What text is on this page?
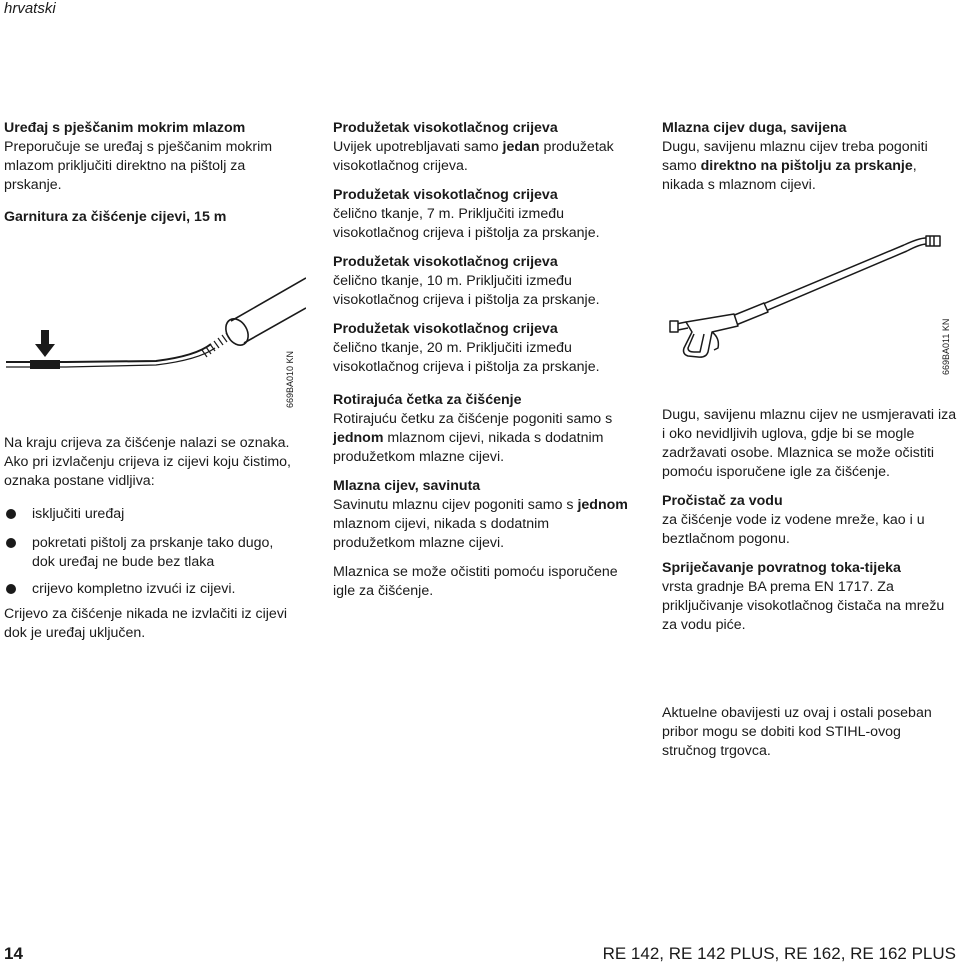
hrvatski

Uređaj s pješčanim mokrim mlazom

Preporučuje se uređaj s pješčanim mokrim mlazom priključiti direktno na pištolj za prskanje.

Garnitura za čišćenje cijevi, 15 m

669BA010 KN

Na kraju crijeva za čišćenje nalazi se oznaka. Ako pri izvlačenju crijeva iz cijevi koju čistimo, oznaka postane vidljiva:

isključiti uređaj
pokretati pištolj za prskanje tako dugo, dok uređaj ne bude bez tlaka
crijevo kompletno izvući iz cijevi.

Crijevo za čišćenje nikada ne izvlačiti iz cijevi dok je uređaj uključen.

Produžetak visokotlačnog crijeva

Uvijek upotrebljavati samo jedan produžetak visokotlačnog crijeva.

Produžetak visokotlačnog crijeva

čelično tkanje, 7 m. Priključiti između visokotlačnog crijeva i pištolja za prskanje.

Produžetak visokotlačnog crijeva

čelično tkanje, 10 m. Priključiti između visokotlačnog crijeva i pištolja za prskanje.

Produžetak visokotlačnog crijeva

čelično tkanje, 20 m. Priključiti između visokotlačnog crijeva i pištolja za prskanje.

Rotirajuća četka za čišćenje

Rotirajuću četku za čišćenje pogoniti samo s jednom mlaznom cijevi, nikada s dodatnim produžetkom mlazne cijevi.

Mlazna cijev, savinuta

Savinutu mlaznu cijev pogoniti samo s jednom mlaznom cijevi, nikada s dodatnim produžetkom mlazne cijevi.

Mlaznica se može očistiti pomoću isporučene igle za čišćenje.

Mlazna cijev duga, savijena

Dugu, savijenu mlaznu cijev treba pogoniti samo direktno na pištolju za prskanje, nikada s mlaznom cijevi.

669BA011 KN

Dugu, savijenu mlaznu cijev ne usmjeravati iza i oko nevidljivih uglova, gdje bi se mogle zadržavati osobe. Mlaznica se može očistiti pomoću isporučene igle za čišćenje.

Pročistač za vodu

za čišćenje vode iz vodene mreže, kao i u beztlačnom pogonu.

Spriječavanje povratnog toka-tijeka

vrsta gradnje BA prema EN 1717. Za priključivanje visokotlačnog čistača na mrežu za vodu piće.

Aktuelne obavijesti uz ovaj i ostali poseban pribor mogu se dobiti kod STIHL-ovog stručnog trgovca.

14	RE 142, RE 142 PLUS, RE 162, RE 162 PLUS
